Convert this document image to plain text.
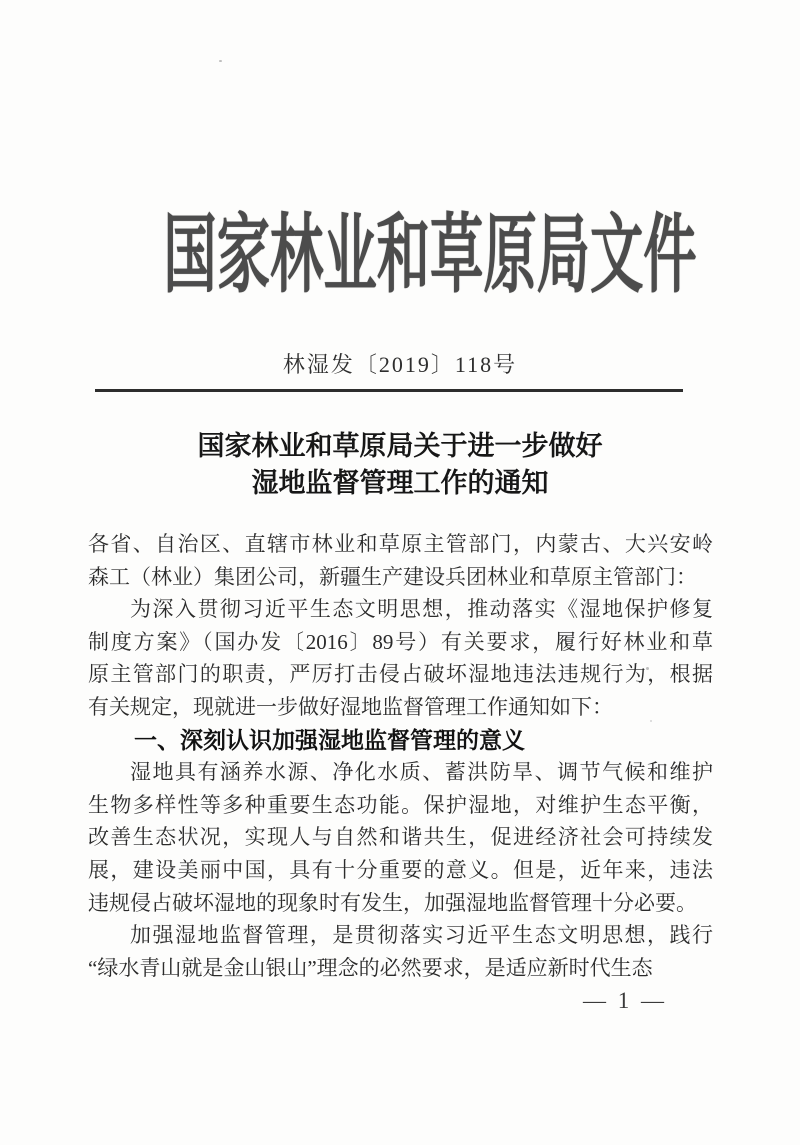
国家林业和草原局文件
林湿发〔2019〕118号
国家林业和草原局关于进一步做好
湿地监督管理工作的通知
各省、自治区、直辖市林业和草原主管部门，内蒙古、大兴安岭
森工（林业）集团公司，新疆生产建设兵团林业和草原主管部门：
为深入贯彻习近平生态文明思想，推动落实《湿地保护修复
制度方案》（国办发〔2016〕89号）有关要求，履行好林业和草
原主管部门的职责，严厉打击侵占破坏湿地违法违规行为，根据
有关规定，现就进一步做好湿地监督管理工作通知如下：
一、深刻认识加强湿地监督管理的意义
湿地具有涵养水源、净化水质、蓄洪防旱、调节气候和维护
生物多样性等多种重要生态功能。保护湿地，对维护生态平衡，
改善生态状况，实现人与自然和谐共生，促进经济社会可持续发
展，建设美丽中国，具有十分重要的意义。但是，近年来，违法
违规侵占破坏湿地的现象时有发生，加强湿地监督管理十分必要。
加强湿地监督管理，是贯彻落实习近平生态文明思想，践行
“绿水青山就是金山银山”理念的必然要求，是适应新时代生态
— 1 —
